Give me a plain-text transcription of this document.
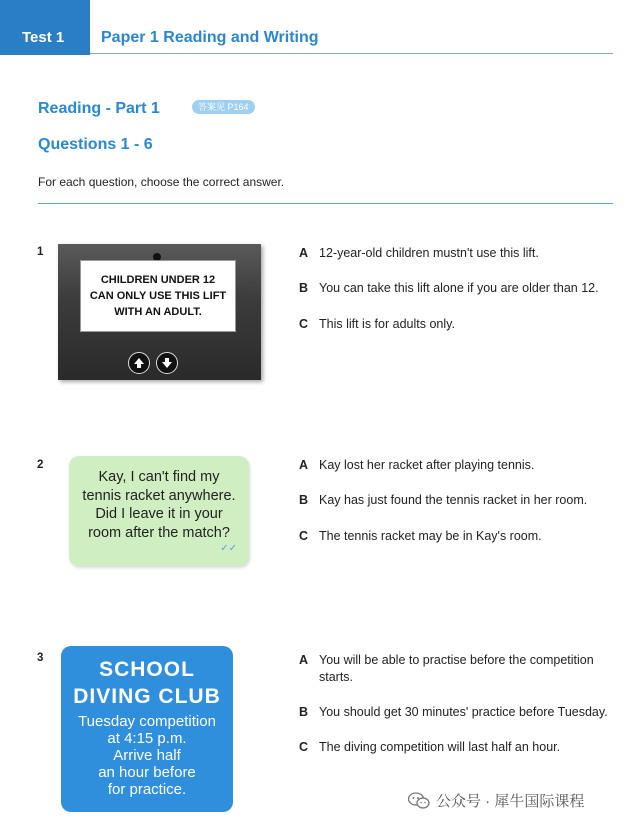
Test 1 Paper 1 Reading and Writing
Reading - Part 1	答案见 P164
Questions 1 - 6
For each question, choose the correct answer.
1
CHILDREN UNDER 12
CAN ONLY USE THIS LIFT
WITH AN ADULT.
A 12-year-old children mustn't use this lift.
B You can take this lift alone if you are older than 12.
C This lift is for adults only.
2
Kay, I can't find my
tennis racket anywhere.
Did I leave it in your
room after the match?
✓✓
A Kay lost her racket after playing tennis.
B Kay has just found the tennis racket in her room.
C The tennis racket may be in Kay's room.
3	SCHOOL
DIVING CLUB
Tuesday competition
at 4:15 p.m.
Arrive half
an hour before
for practice.
A You will be able to practise before the competition starts.
B You should get 30 minutes' practice before Tuesday.
C The diving competition will last half an hour.
公众号 · 犀牛国际课程
